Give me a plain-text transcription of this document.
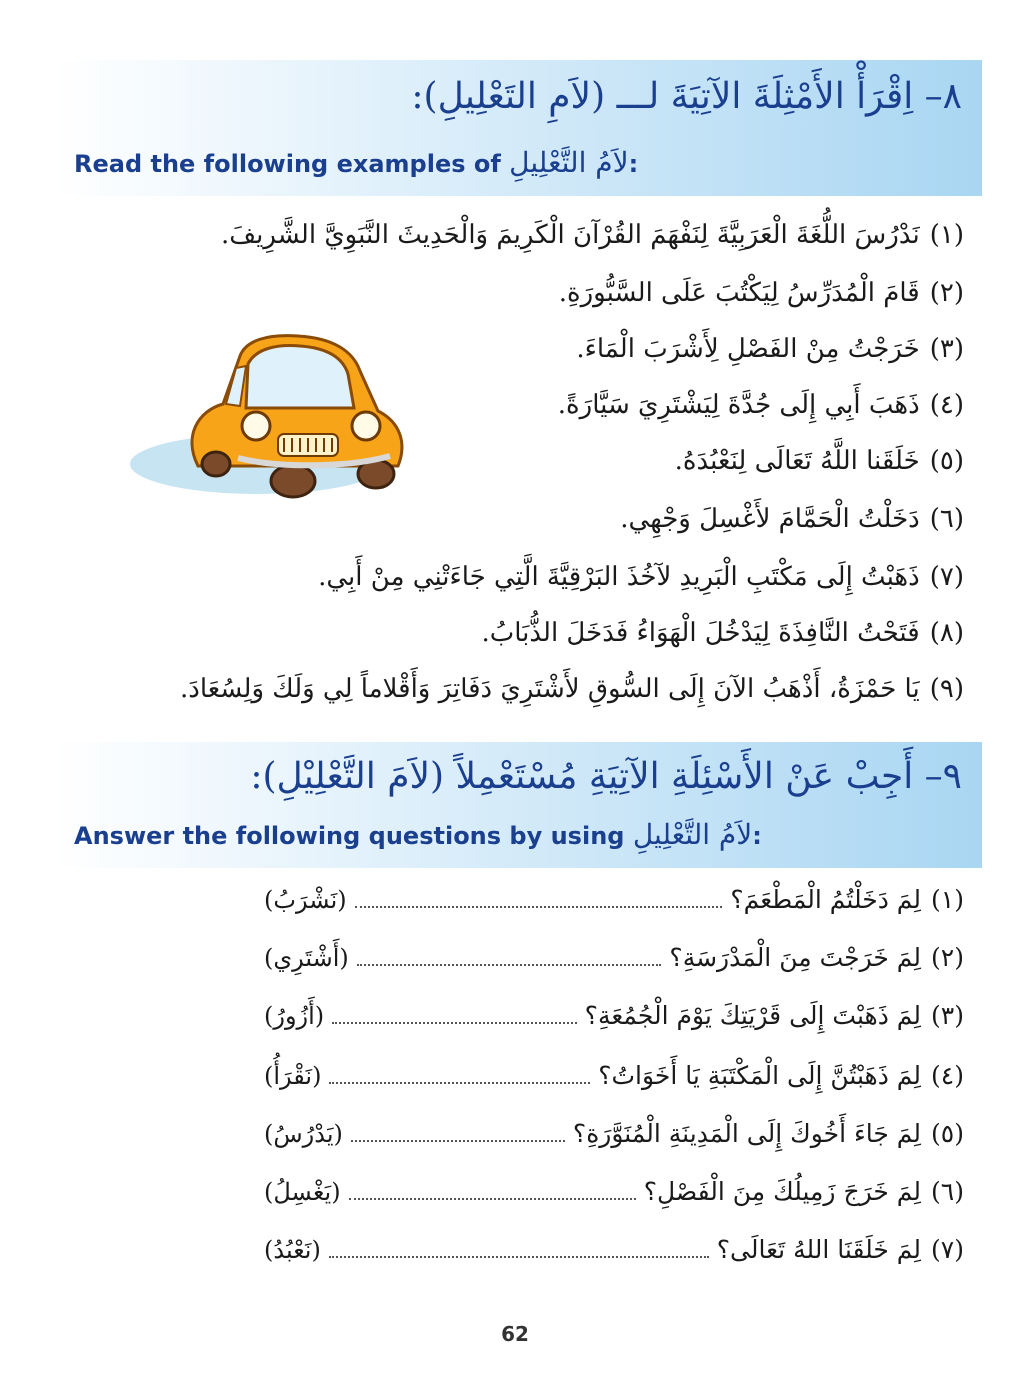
٨– اِقْرَأْ الأَمْثِلَةَ الآتِيَةَ لـــ (لاَمِ التَعْلِيلِ):
Read the following examples of لاَمُ التَّعْلِيلِ:
(١)نَدْرُسَ اللُّغَةَ الْعَرَبِيَّةَ لِنَفْهَمَ القُرْآنَ الْكَرِيمَ وَالْحَدِيثَ النَّبَوِيَّ الشَّرِيفَ.
(٢)قَامَ الْمُدَرِّسُ لِيَكْتُبَ عَلَى السَّبُّورَةِ.
(٣)خَرَجْتُ مِنْ الفَصْلِ لِأَشْرَبَ الْمَاءَ.
(٤)ذَهَبَ أَبِي إِلَى جُدَّةَ لِيَشْتَرِيَ سَيَّارَةً.
(٥)خَلَقَنا اللَّهُ تَعَالَى لِنَعْبُدَهُ.
(٦)دَخَلْتُ الْحَمَّامَ لأَغْسِلَ وَجْهِي.
(٧)ذَهَبْتُ إِلَى مَكْتَبِ الْبَرِيدِ لآخُذَ البَرْقِيَّةَ الَّتِي جَاءَتْنِي مِنْ أَبِي.
(٨)فَتَحْتُ النَّافِذَةَ لِيَدْخُلَ الْهَوَاءُ فَدَخَلَ الذُّبَابُ.
(٩)يَا حَمْزَةُ، أَذْهَبُ الآنَ إِلَى السُّوقِ لأَشْتَرِيَ دَفَاتِرَ وَأَقْلاماً لِي وَلَكَ وَلِسُعَادَ.
٩– أَجِبْ عَنْ الأَسْئِلَةِ الآتِيَةِ مُسْتَعْمِلاً (لاَمَ التَّعْلِيْلِ):
Answer the following questions by using لاَمُ التَّعْلِيلِ:
(١)
لِمَ دَخَلْتُمُ الْمَطْعَمَ؟
(نَشْرَبُ)
(٢)
لِمَ خَرَجْتَ مِنَ الْمَدْرَسَةِ؟
(أَشْتَرِي)
(٣)
لِمَ ذَهَبْتَ إِلَى قَرْيَتِكَ يَوْمَ الْجُمُعَةِ؟
(أَزُورُ)
(٤)
لِمَ ذَهَبْتُنَّ إِلَى الْمَكْتَبَةِ يَا أَخَوَاتُ؟
(نَقْرَأُ)
(٥)
لِمَ جَاءَ أَخُوكَ إِلَى الْمَدِينَةِ الْمُنَوَّرَةِ؟
(يَدْرُسُ)
(٦)
لِمَ خَرَجَ زَمِيلُكَ مِنَ الْفَصْلِ؟
(يَغْسِلُ)
(٧)
لِمَ خَلَقَنَا اللهُ تَعَالَى؟
(نَعْبُدُ)
62
